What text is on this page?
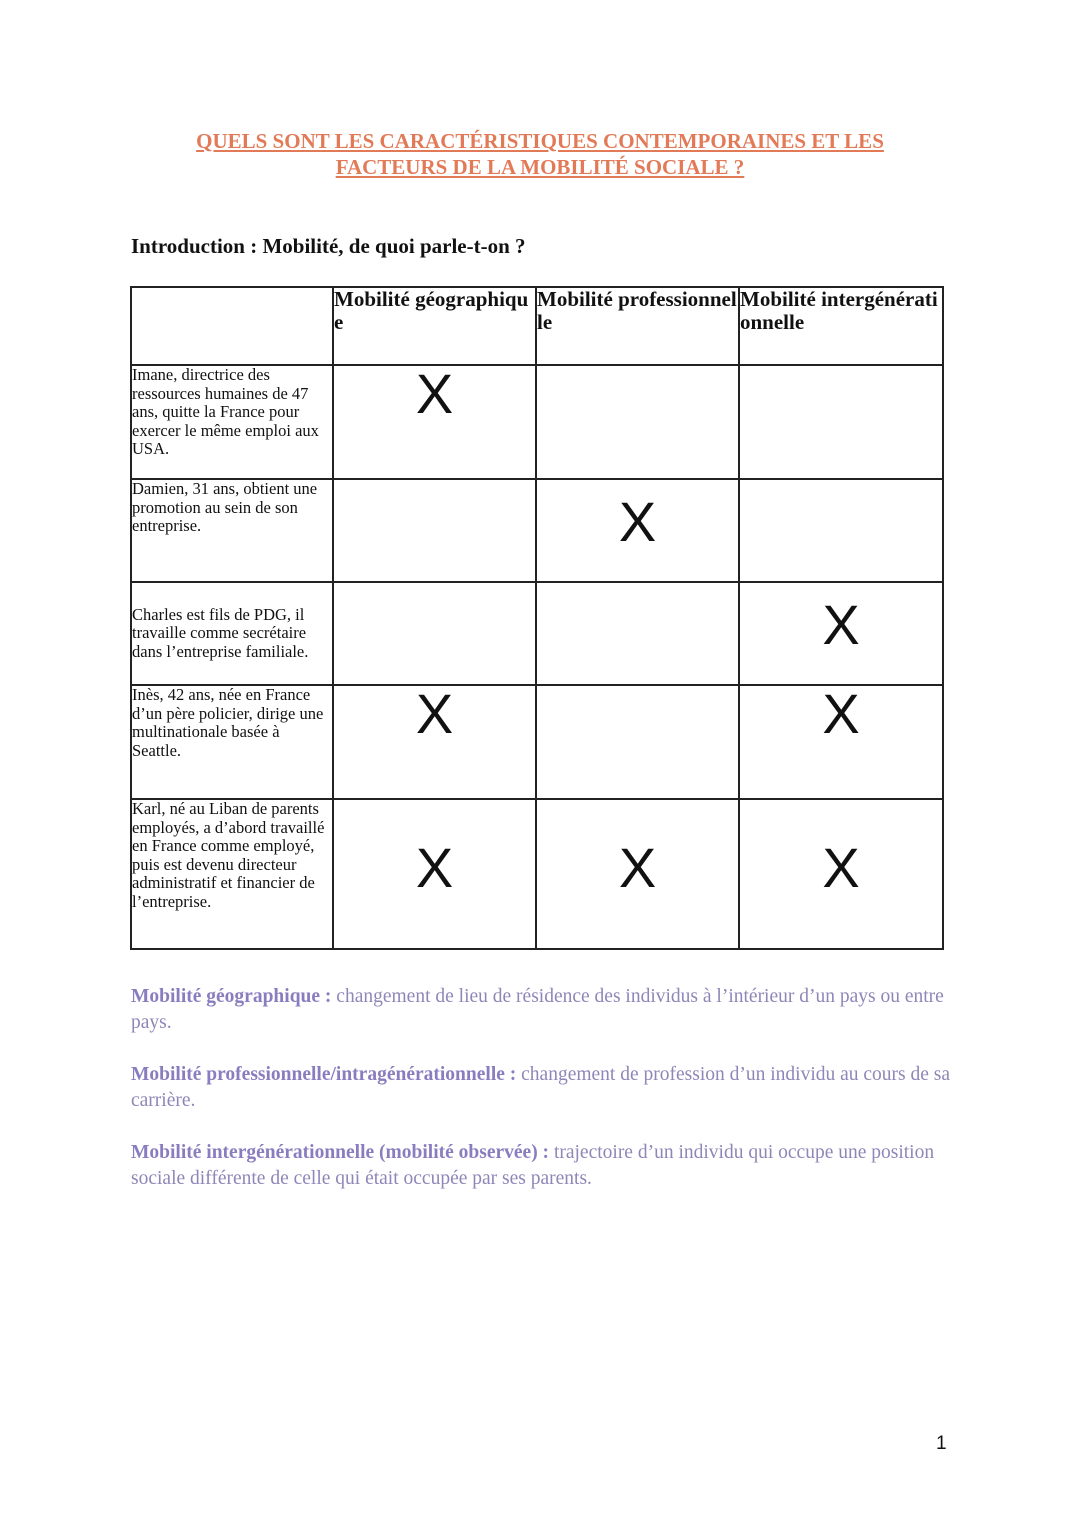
QUELS SONT LES CARACTÉRISTIQUES CONTEMPORAINES ET LES
FACTEURS DE LA MOBILITÉ SOCIALE ?
Introduction : Mobilité, de quoi parle-t-on ?
	Mobilité géographique	Mobilité professionnelle	Mobilité intergénérationnelle
Imane, directrice des ressources humaines de 47 ans, quitte la France pour exercer le même emploi aux USA.	X		
Damien, 31 ans, obtient une promotion au sein de son entreprise.		X	
Charles est fils de PDG, il travaille comme secrétaire dans l’entreprise familiale.			X
Inès, 42 ans, née en France d’un père policier, dirige une multinationale basée à Seattle.	X		X
Karl, né au Liban de parents employés, a d’abord travaillé en France comme employé, puis est devenu directeur administratif et financier de l’entreprise.	X	X	X

Mobilité géographique : changement de lieu de résidence des individus à l’intérieur d’un pays ou entre pays.

Mobilité professionnelle/intragénérationnelle : changement de profession d’un individu au cours de sa carrière.

Mobilité intergénérationnelle (mobilité observée) : trajectoire d’un individu qui occupe une position sociale différente de celle qui était occupée par ses parents.

1
